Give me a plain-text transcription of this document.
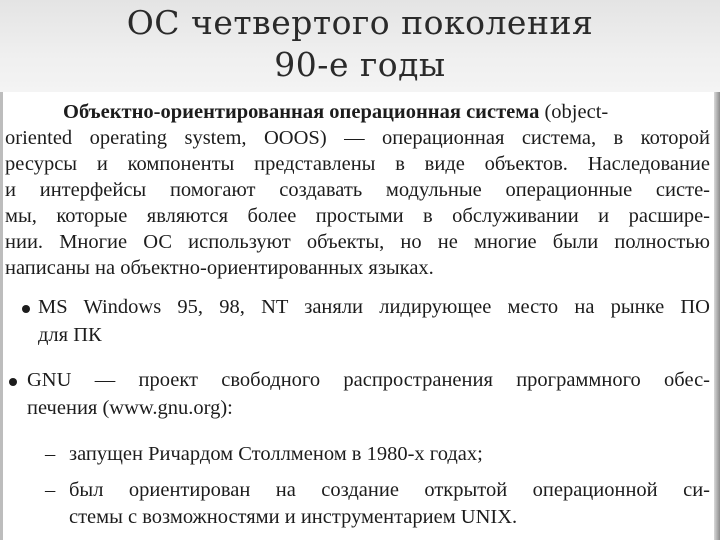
ОС четвертого поколения
90-е годы
Объектно-ориентированная операционная система (object-
oriented operating system, OOOS) — операционная система, в которой
ресурсы и компоненты представлены в виде объектов. Наследование
и интерфейсы помогают создавать модульные операционные систе-
мы, которые являются более простыми в обслуживании и расшире-
нии. Многие ОС используют объекты, но не многие были полностью
написаны на объектно-ориентированных языках.
MS Windows 95, 98, NT заняли лидирующее место на рынке ПО
для ПК
GNU — проект свободного распространения программного обес-
печения (www.gnu.org):
– запущен Ричардом Столлменом в 1980-х годах;
– был ориентирован на создание открытой операционной си-
стемы с возможностями и инструментарием UNIX.
